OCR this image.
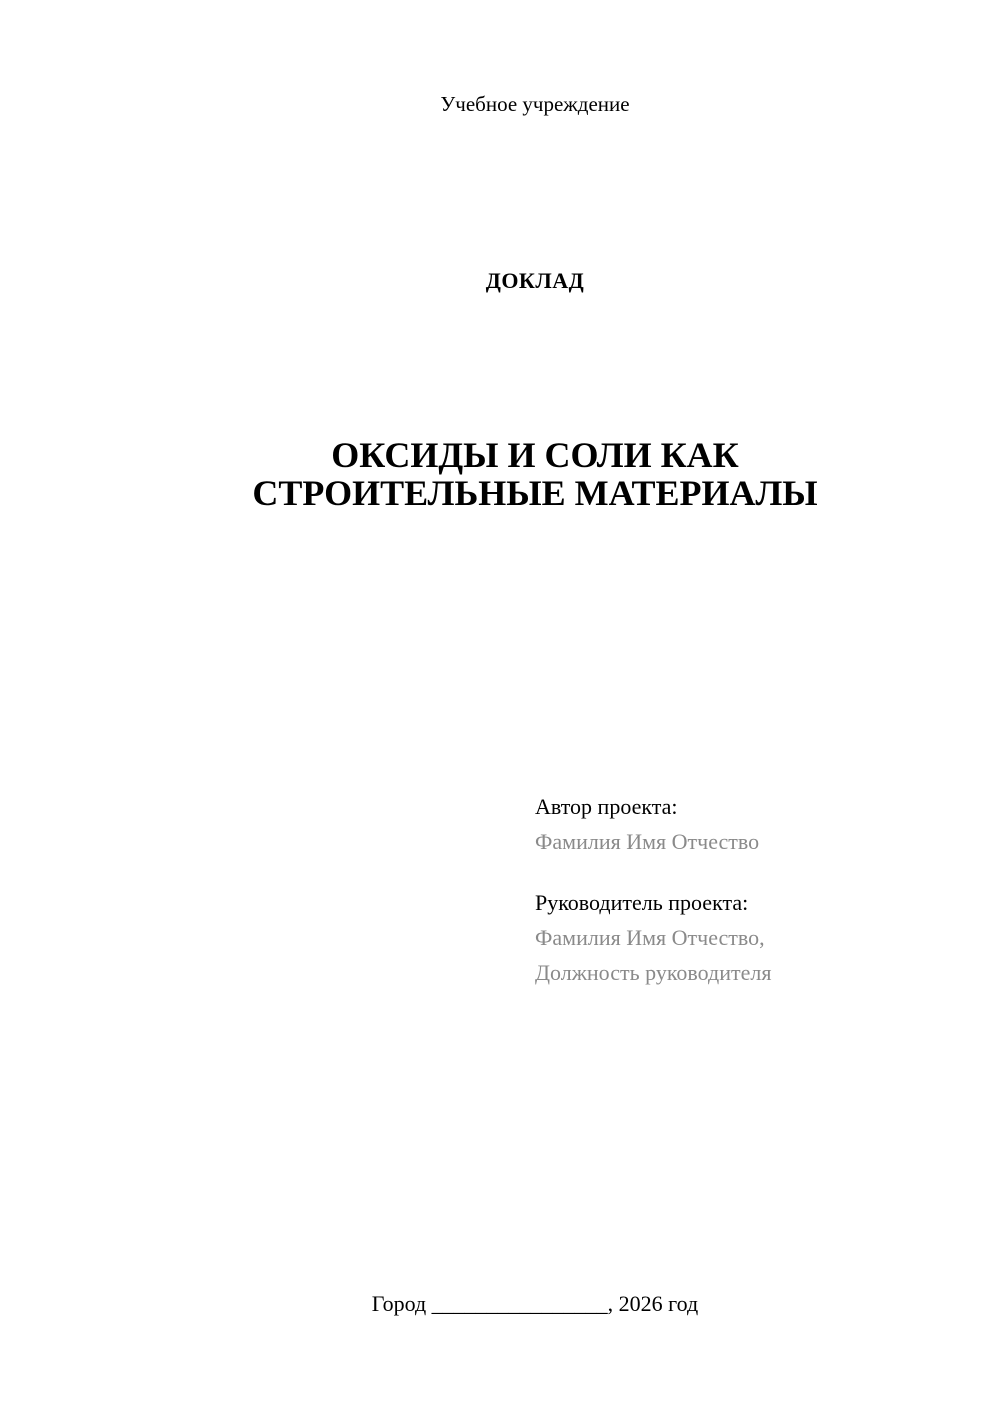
Учебное учреждение
ДОКЛАД
ОКСИДЫ И СОЛИ КАК
СТРОИТЕЛЬНЫЕ МАТЕРИАЛЫ
Автор проекта:
Фамилия Имя Отчество
Руководитель проекта:
Фамилия Имя Отчество,
Должность руководителя
Город ________________, 2026 год
